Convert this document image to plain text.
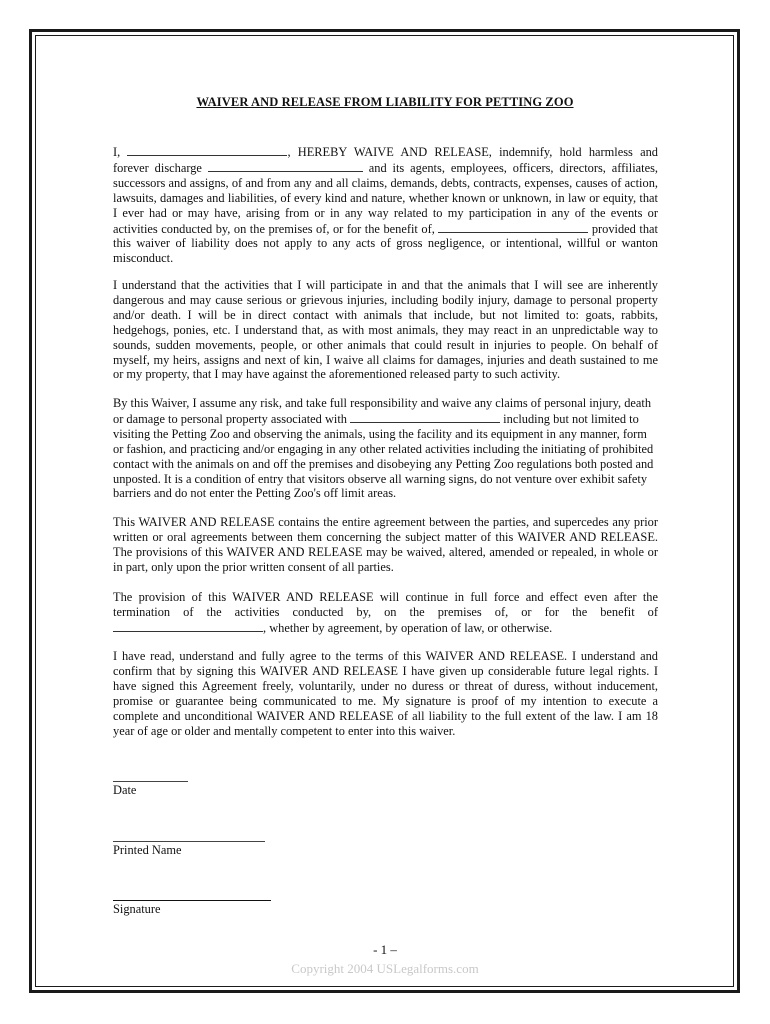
WAIVER AND RELEASE FROM LIABILITY FOR PETTING ZOO

I,	, HEREBY WAIVE AND RELEASE, indemnify, hold harmless and forever discharge	and its agents, employees, officers, directors, affiliates, successors and assigns, of and from any and all claims, demands, debts, contracts, expenses, causes of action, lawsuits, damages and liabilities, of every kind and nature, whether known or unknown, in law or equity, that I ever had or may have, arising from or in any way related to my participation in any of the events or activities conducted by, on the premises of, or for the benefit of,	provided that this waiver of liability does not apply to any acts of gross negligence, or intentional, willful or wanton misconduct.

I understand that the activities that I will participate in and that the animals that I will see are inherently dangerous and may cause serious or grievous injuries, including bodily injury, damage to personal property and/or death. I will be in direct contact with animals that include, but not limited to: goats, rabbits, hedgehogs, ponies, etc. I understand that, as with most animals, they may react in an unpredictable way to sounds, sudden movements, people, or other animals that could result in injuries to people. On behalf of myself, my heirs, assigns and next of kin, I waive all claims for damages, injuries and death sustained to me or my property, that I may have against the aforementioned released party to such activity.

By this Waiver, I assume any risk, and take full responsibility and waive any claims of personal injury, death or damage to personal property associated with	including but not limited to visiting the Petting Zoo and observing the animals, using the facility and its equipment in any manner, form or fashion, and practicing and/or engaging in any other related activities including the initiating of prohibited contact with the animals on and off the premises and disobeying any Petting Zoo regulations both posted and unposted. It is a condition of entry that visitors observe all warning signs, do not venture over exhibit safety barriers and do not enter the Petting Zoo's off limit areas.

This WAIVER AND RELEASE contains the entire agreement between the parties, and supercedes any prior written or oral agreements between them concerning the subject matter of this WAIVER AND RELEASE. The provisions of this WAIVER AND RELEASE may be waived, altered, amended or repealed, in whole or in part, only upon the prior written consent of all parties.

The provision of this WAIVER AND RELEASE will continue in full force and effect even after the termination of the activities conducted by, on the premises of, or for the benefit of , whether by agreement, by operation of law, or otherwise.

I have read, understand and fully agree to the terms of this WAIVER AND RELEASE. I understand and confirm that by signing this WAIVER AND RELEASE I have given up considerable future legal rights. I have signed this Agreement freely, voluntarily, under no duress or threat of duress, without inducement, promise or guarantee being communicated to me. My signature is proof of my intention to execute a complete and unconditional WAIVER AND RELEASE of all liability to the full extent of the law. I am 18 year of age or older and mentally competent to enter into this waiver.

Date
Printed Name
Signature
- 1 –
Copyright 2004 USLegalforms.com
